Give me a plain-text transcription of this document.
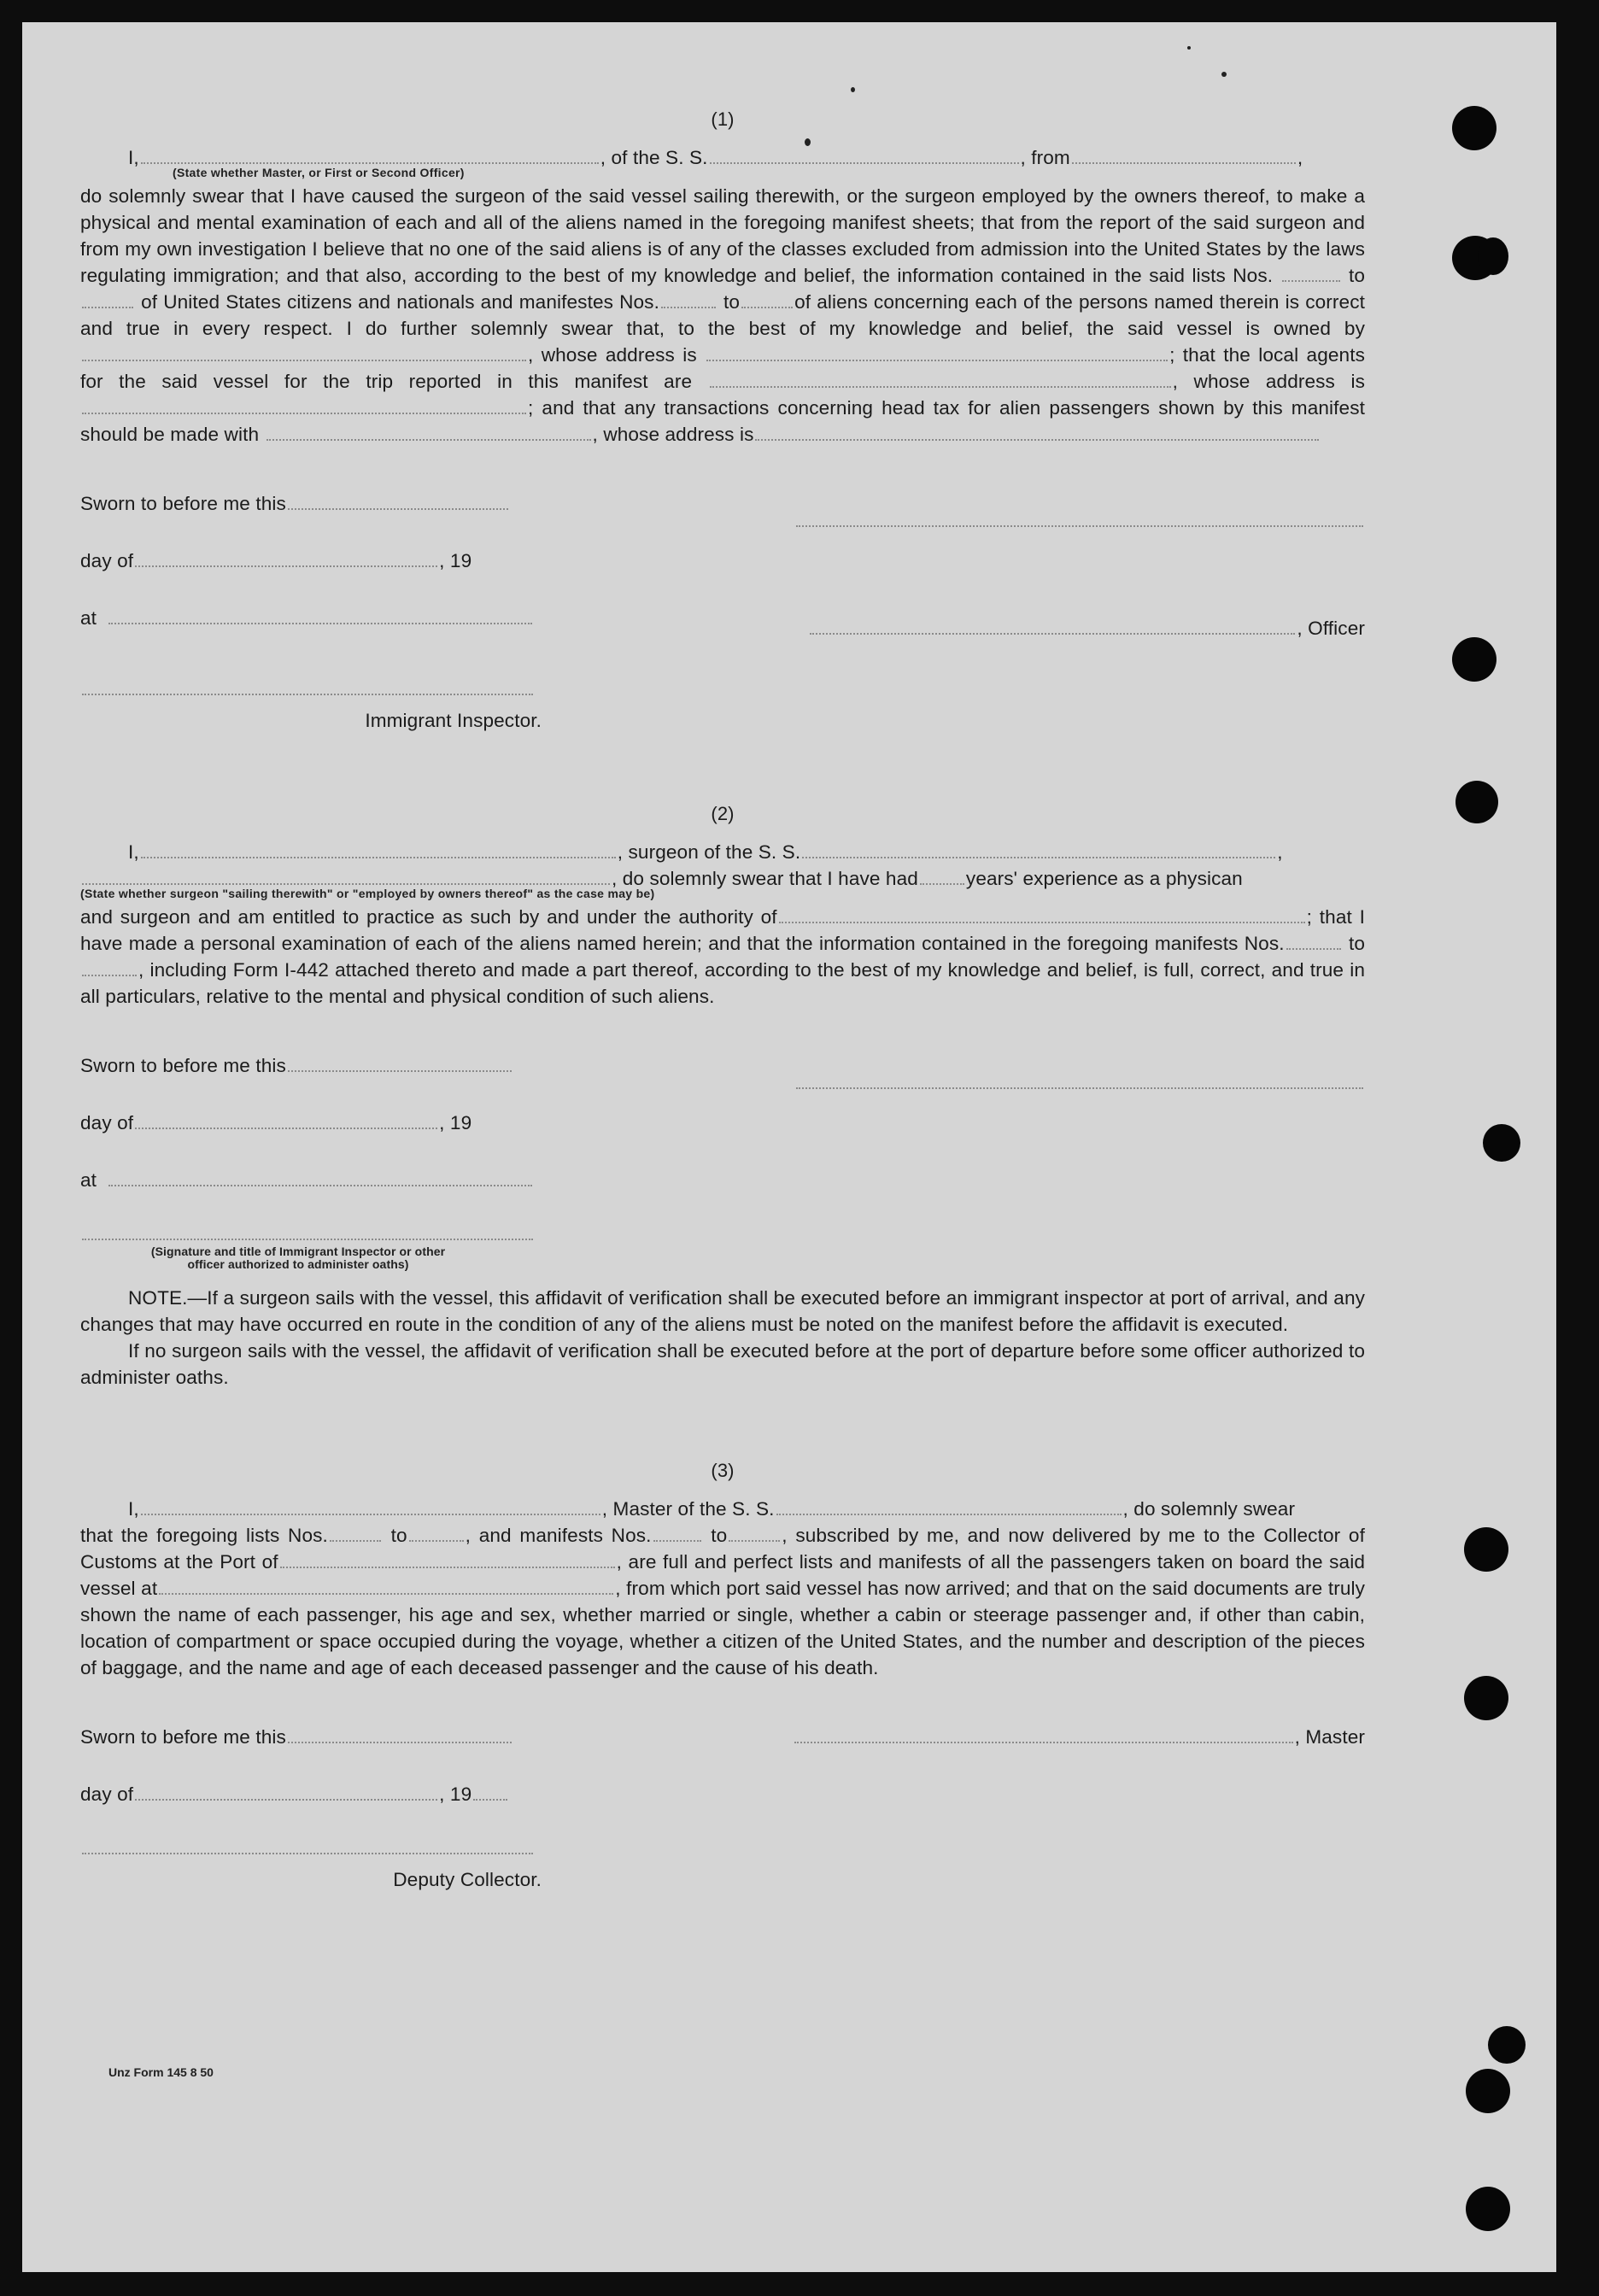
(1)

I,	, of the S. S.	, from	,

(State whether Master, or First or Second Officer)

do solemnly swear that I have caused the surgeon of the said vessel sailing therewith, or the surgeon employed by the owners thereof, to make a physical and mental examination of each and all of the aliens named in the foregoing manifest sheets; that from the report of the said surgeon and from my own investigation I believe that no one of the said aliens is of any of the classes excluded from admission into the United States by the laws regulating immigration; and that also, according to the best of my knowledge and belief, the information contained in the said lists Nos.	to of United States citizens and nationals and manifestes Nos.	to	of aliens concerning each of the persons named therein is correct and true in every respect. I do further solemnly swear that, to the best of my knowledge and belief, the said vessel is owned by , whose address is	; that the local agents for the said vessel for the trip reported in this manifest are	, whose address is ; and that any transactions concerning head tax for alien passengers shown by this manifest should be made with	, whose address is

Sworn to before me this
day of	, 19
at	, Officer
Immigrant Inspector.
(2)

I,	, surgeon of the S. S.	,

, do solemnly swear that I have had years' experience as a physican

(State whether surgeon "sailing therewith" or "employed by owners thereof" as the case may be)

and surgeon and am entitled to practice as such by and under the authority of	; that I have made a personal examination of each of the aliens named herein; and that the information contained in the foregoing manifests Nos.	to, including Form I-442 attached thereto and made a part thereof, according to the best of my knowledge and belief, is full, correct, and true in all particulars, relative to the mental and physical condition of such aliens.

Sworn to before me this
day of	, 19
at
(Signature and title of Immigrant Inspector or other
officer authorized to administer oaths)

NOTE.—If a surgeon sails with the vessel, this affidavit of verification shall be executed before an immigrant inspector at port of arrival, and any changes that may have occurred en route in the condition of any of the aliens must be noted on the manifest before the affidavit is executed.

If no surgeon sails with the vessel, the affidavit of verification shall be executed before at the port of departure before some officer authorized to administer oaths.

(3)

I,	, Master of the S. S.	, do solemnly swear

that the foregoing lists Nos.	to	, and manifests Nos.	to	, subscribed by me, and now delivered by me to the Collector of Customs at the Port of	, are full and perfect lists and manifests of all the passengers taken on board the said vessel at	, from which port said vessel has now arrived; and that on the said documents are truly shown the name of each passenger, his age and sex, whether married or single, whether a cabin or steerage passenger and, if other than cabin, location of compartment or space occupied during the voyage, whether a citizen of the United States, and the number and description of the pieces of baggage, and the name and age of each deceased passenger and the cause of his death.

Sworn to before me this	, Master
day of	, 19
Deputy Collector.
Unz Form 145 8 50
